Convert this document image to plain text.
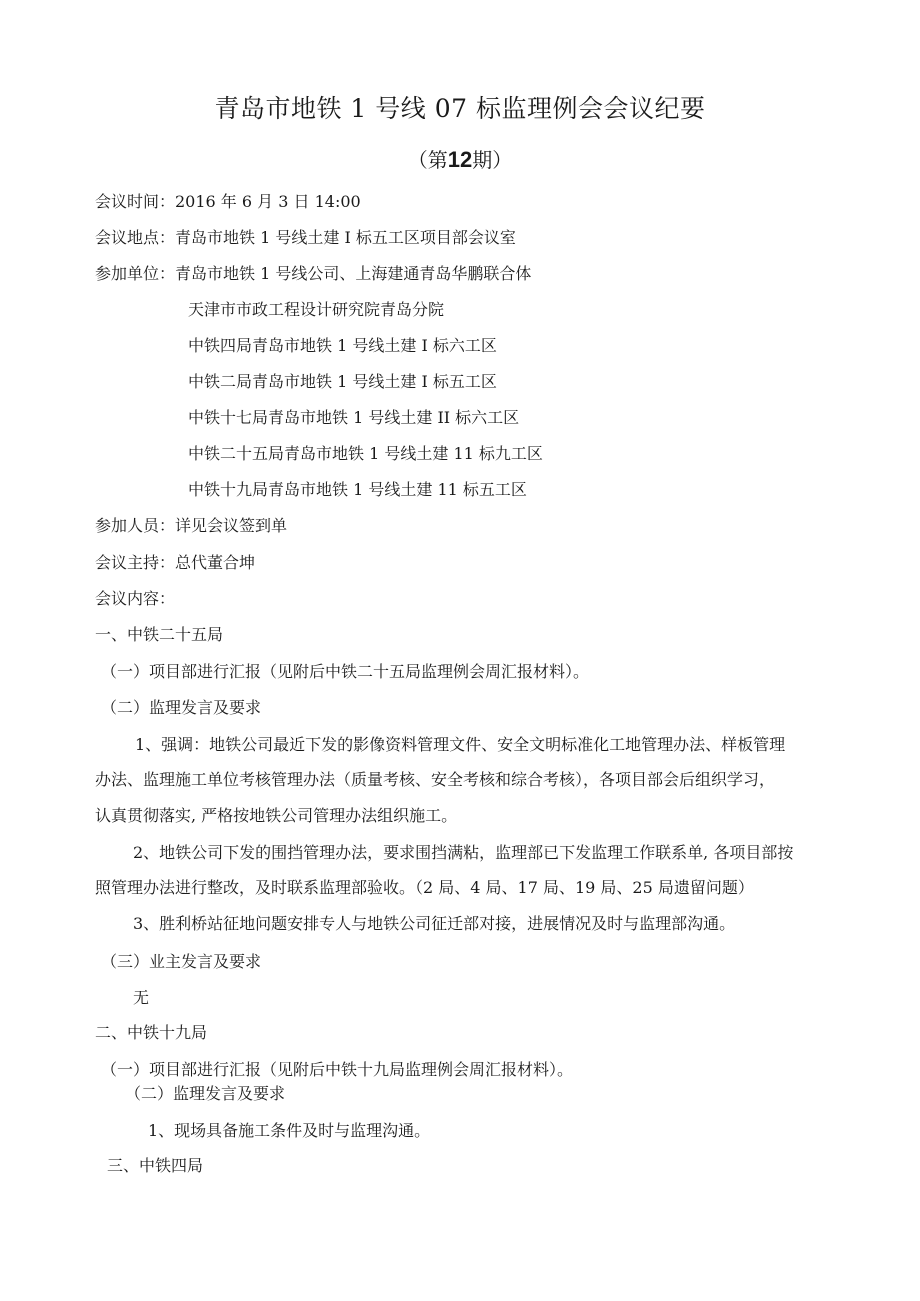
青岛市地铁 1 号线 07 标监理例会会议纪要
（第12期）
会议时间：2016 年 6 月 3 日 14:00
会议地点：青岛市地铁 1 号线土建 I 标五工区项目部会议室
参加单位：青岛市地铁 1 号线公司、上海建通青岛华鹏联合体
天津市市政工程设计研究院青岛分院
中铁四局青岛市地铁 1 号线土建 I 标六工区
中铁二局青岛市地铁 1 号线土建 I 标五工区
中铁十七局青岛市地铁 1 号线土建 II 标六工区
中铁二十五局青岛市地铁 1 号线土建 11 标九工区
中铁十九局青岛市地铁 1 号线土建 11 标五工区
参加人员：详见会议签到单
会议主持：总代董合坤
会议内容：
一、中铁二十五局
（一）项目部进行汇报（见附后中铁二十五局监理例会周汇报材料）。
（二）监理发言及要求
1、强调：地铁公司最近下发的影像资料管理文件、安全文明标准化工地管理办法、样板管理
办法、监理施工单位考核管理办法（质量考核、安全考核和综合考核），各项目部会后组织学习，
认真贯彻落实, 严格按地铁公司管理办法组织施工。
2、地铁公司下发的围挡管理办法，要求围挡满粘，监理部已下发监理工作联系单, 各项目部按
照管理办法进行整改，及时联系监理部验收。（2 局、4 局、17 局、19 局、25 局遗留问题）
3、胜利桥站征地问题安排专人与地铁公司征迁部对接，进展情况及时与监理部沟通。
（三）业主发言及要求
无
二、中铁十九局
（一）项目部进行汇报（见附后中铁十九局监理例会周汇报材料）。
（二）监理发言及要求
1、现场具备施工条件及时与监理沟通。
三、中铁四局
